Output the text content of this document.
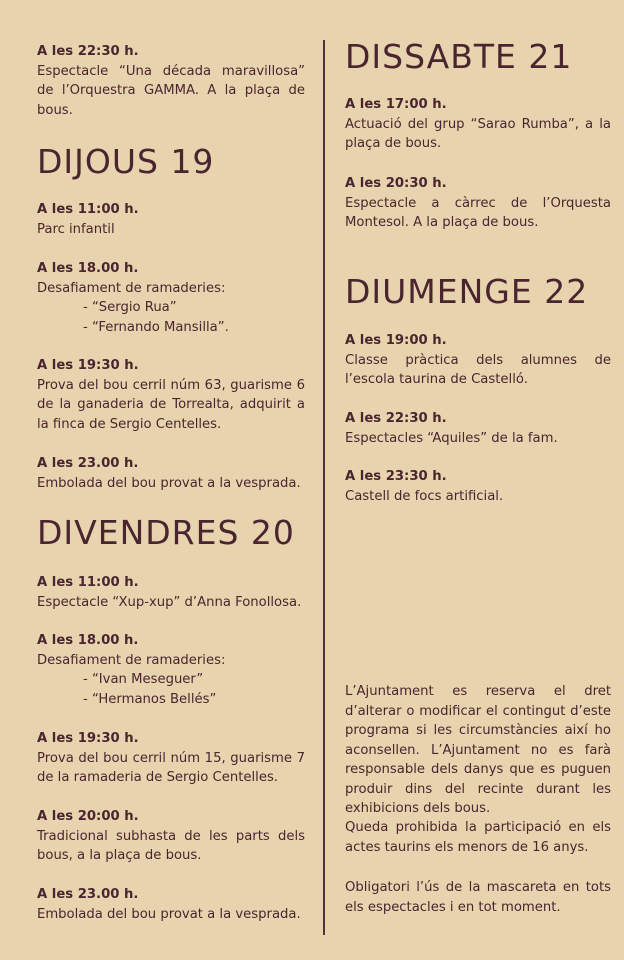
A les 22:30 h.
Espectacle “Una década maravillosa” de l’Orquestra GAMMA. A la plaça de bous.
DIJOUS 19
A les 11:00 h.
Parc infantil
A les 18.00 h.
Desafiament de ramaderies:
- “Sergio Rua”
- “Fernando Mansilla”.
A les 19:30 h.
Prova del bou cerril núm 63, guarisme 6 de la ganaderia de Torrealta, adquirit a la finca de Sergio Centelles.
A les 23.00 h.
Embolada del bou provat a la vesprada.
DIVENDRES 20
A les 11:00 h.
Espectacle “Xup-xup” d’Anna Fonollosa.
A les 18.00 h.
Desafiament de ramaderies:
- “Ivan Meseguer”
- “Hermanos Bellés”
A les 19:30 h.
Prova del bou cerril núm 15, guarisme 7 de la ramaderia de Sergio Centelles.
A les 20:00 h.
Tradicional subhasta de les parts dels bous, a la plaça de bous.
A les 23.00 h.
Embolada del bou provat a la vesprada.
DISSABTE 21
A les 17:00 h.
Actuació del grup “Sarao Rumba”, a la plaça de bous.
A les 20:30 h.
Espectacle a càrrec de l’Orquesta Montesol. A la plaça de bous.
DIUMENGE 22
A les 19:00 h.
Classe pràctica dels alumnes de l’escola taurina de Castelló.
A les 22:30 h.
Espectacles “Aquiles” de la fam.
A les 23:30 h.
Castell de focs artificial.

L’Ajuntament es reserva el dret d’alterar o modificar el contingut d’este programa si les circumstàncies així ho aconsellen. L’Ajuntament no es farà responsable dels danys que es puguen produir dins del recinte durant les exhibicions dels bous.

Queda prohibida la participació en els actes taurins els menors de 16 anys.

Obligatori l’ús de la mascareta en tots els espectacles i en tot moment.
